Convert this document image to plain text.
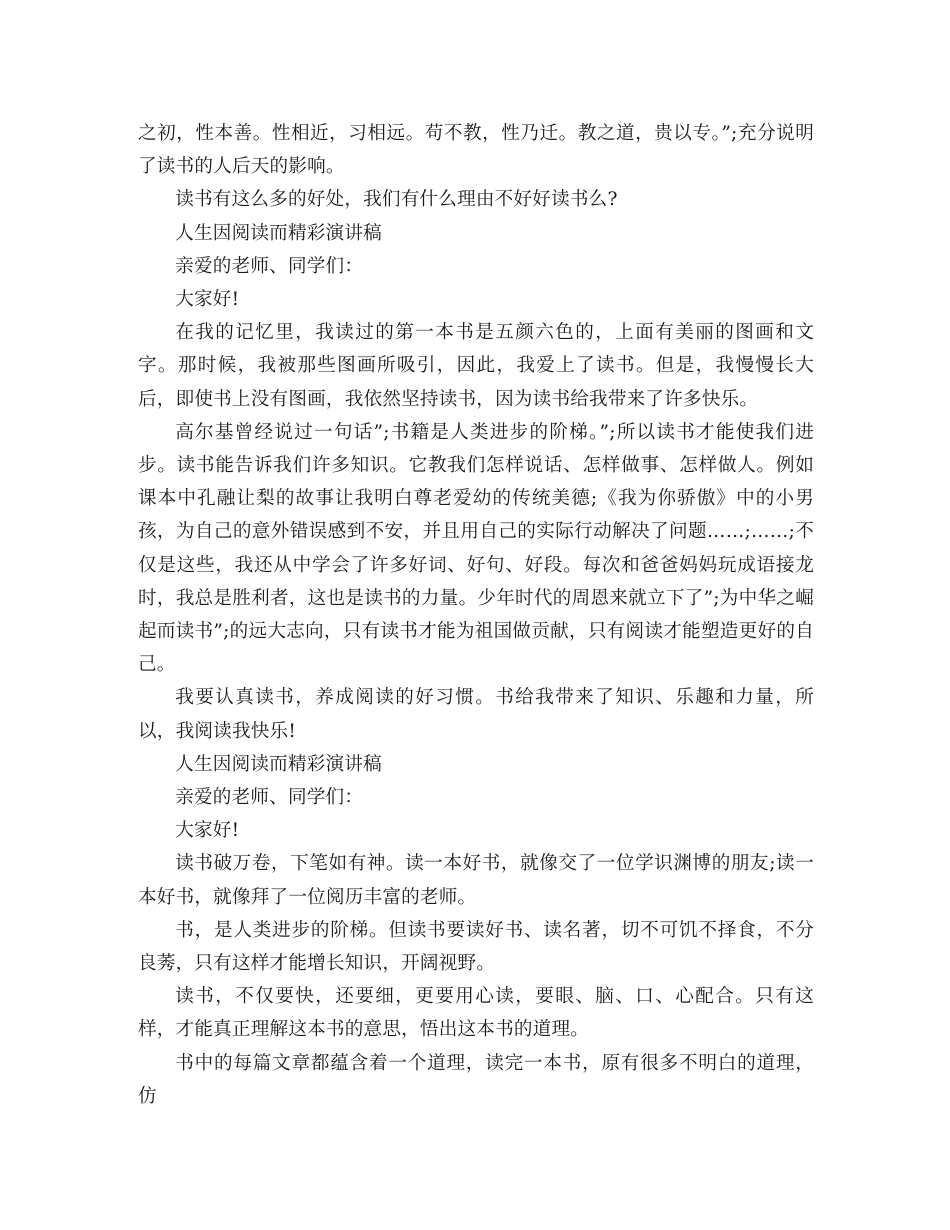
之初，性本善。性相近，习相远。苟不教，性乃迁。教之道，贵以专。”;充分说明了读书的人后天的影响。

读书有这么多的好处，我们有什么理由不好好读书么?

人生因阅读而精彩演讲稿

亲爱的老师、同学们：

大家好!

在我的记忆里，我读过的第一本书是五颜六色的，上面有美丽的图画和文字。那时候，我被那些图画所吸引，因此，我爱上了读书。但是，我慢慢长大后，即使书上没有图画，我依然坚持读书，因为读书给我带来了许多快乐。

高尔基曾经说过一句话”;书籍是人类进步的阶梯。”;所以读书才能使我们进步。读书能告诉我们许多知识。它教我们怎样说话、怎样做事、怎样做人。例如课本中孔融让梨的故事让我明白尊老爱幼的传统美德;《我为你骄傲》中的小男孩，为自己的意外错误感到不安，并且用自己的实际行动解决了问题……;……;不仅是这些，我还从中学会了许多好词、好句、好段。每次和爸爸妈妈玩成语接龙时，我总是胜利者，这也是读书的力量。少年时代的周恩来就立下了”;为中华之崛起而读书”;的远大志向，只有读书才能为祖国做贡献，只有阅读才能塑造更好的自己。

我要认真读书，养成阅读的好习惯。书给我带来了知识、乐趣和力量，所以，我阅读我快乐!

人生因阅读而精彩演讲稿

亲爱的老师、同学们：

大家好!

读书破万卷，下笔如有神。读一本好书，就像交了一位学识渊博的朋友;读一本好书，就像拜了一位阅历丰富的老师。

书，是人类进步的阶梯。但读书要读好书、读名著，切不可饥不择食，不分良莠，只有这样才能增长知识，开阔视野。

读书，不仅要快，还要细，更要用心读，要眼、脑、口、心配合。只有这样，才能真正理解这本书的意思，悟出这本书的道理。

书中的每篇文章都蕴含着一个道理，读完一本书，原有很多不明白的道理，仿
